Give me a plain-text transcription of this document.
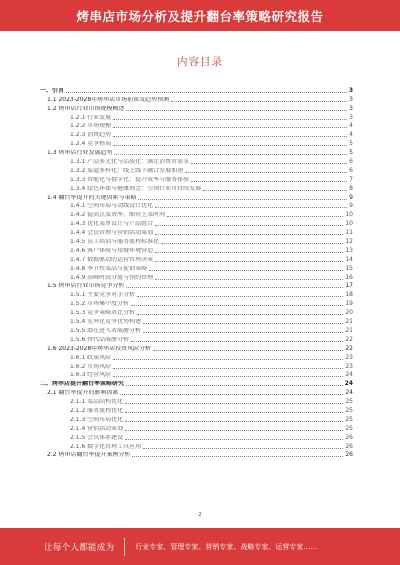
烤串店市场分析及提升翻台率策略研究报告
内容目录
一、引言	3
1.1 2023-2028年烤串店市场前景及趋势预测	3
1.2 烤串店行业市场规模概述	3
1.2.1 行业发展	3
1.2.2 市场规模	4
1.2.3 消费趋势	4
1.2.4 竞争格局	5
1.3 烤串店行业发展趋势	5
1.3.1 产品多元化与品质化：满足消费者需求	6
1.3.2 渠道多样化：线上线下融合发展加速	6
1.3.3 智能化与数字化：提升效率与服务体验	7
1.3.4 绿色环保与健康理念：引领行业可持续发展	8
1.4 翻台率提升的关键因素与策略	9
1.4.1 空间布局与动线设计优化	9
1.4.2 提高点菜效率，缩短上菜时间	10
1.4.3 优化菜单设计与产品组合	10
1.4.4 会员管理与营销活动策划	11
1.4.5 员工培训与服务流程标准化	12
1.4.6 客户体验与用餐环境营造	13
1.4.7 数据驱动的运营管理决策	14
1.4.8 季节性菜品与促销策略	15
1.4.9 高峰时段分流与预约管理	16
1.5 烤串店行业市场竞争分析	17
1.5.1 主要竞争对手分析	18
1.5.2 市场集中度分析	19
1.5.3 竞争策略对比分析	20
1.5.4 差异化竞争优势构建	21
1.5.5 潜在进入者威胁分析	21
1.5.6 替代品威胁分析	22
1.6 2023-2028年烤串店投资风险分析	22
1.6.1 政策风险	23
1.6.2 市场风险	23
1.6.3 经营风险	24
二、烤串店提升翻台率策略研究	24
2.1 翻台率提升的影响因素	24
2.1.1 菜品结构优化	25
2.1.2 服务流程优化	25
2.1.3 空间布局优化	25
2.1.4 营销活动策划	25
2.1.5 会员体系建设	26
2.1.6 数字化管理工具应用	26
2.2 烤串店翻台率提升案例分析	26
2
让每个人都能成为	行业专家、管理专家、营销专家、战略专家、运营专家……
